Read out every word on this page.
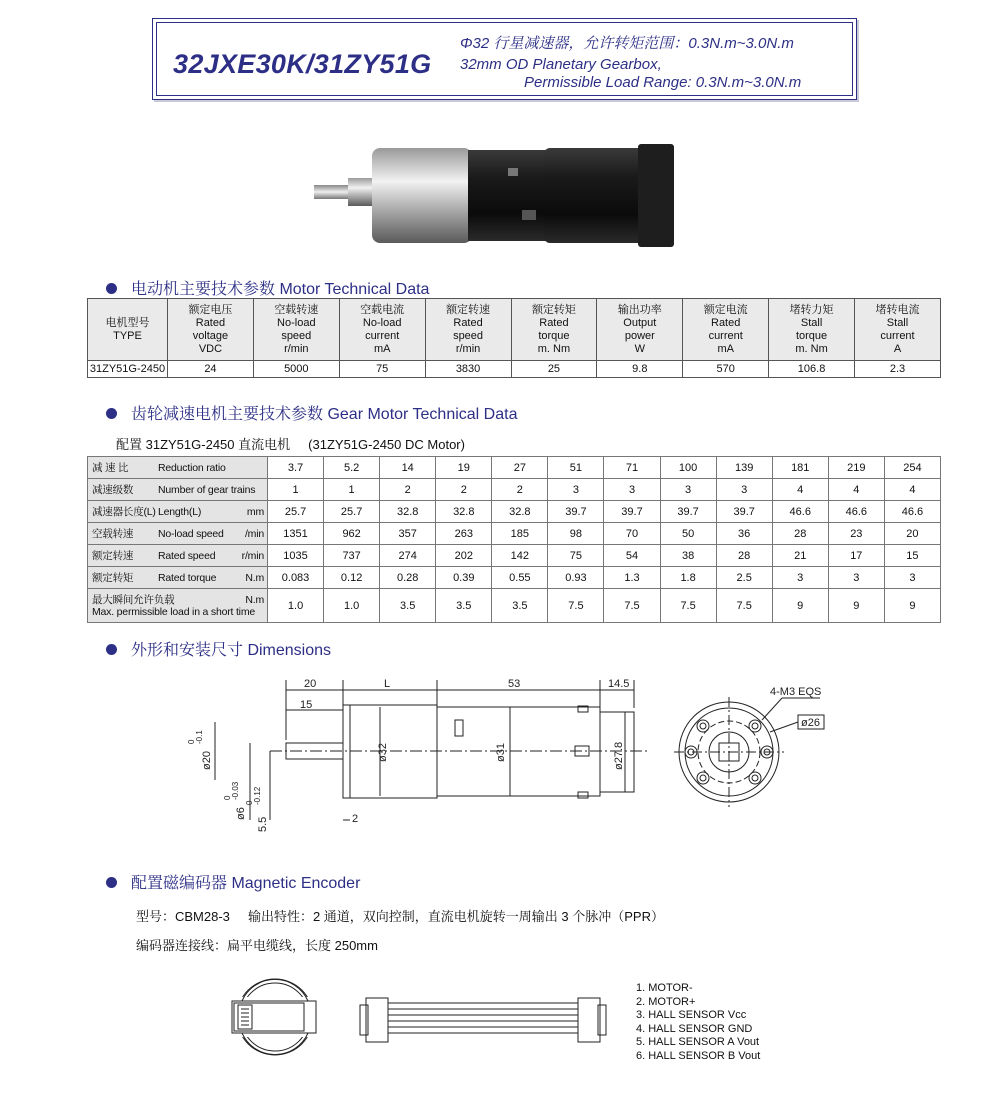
32JXE30K/31ZY51G
Φ32 行星减速器，允许转矩范围：0.3N.m~3.0N.m
32mm OD Planetary Gearbox,
Permissible Load Range: 0.3N.m~3.0N.m
电动机主要技术参数 Motor Technical Data
电机型号
TYPE	额定电压
Rated
voltage
VDC	空载转速
No-load
speed
r/min	空载电流
No-load
current
mA	额定转速
Rated
speed
r/min	额定转矩
Rated
torque
m. Nm	输出功率
Output
power
W	额定电流
Rated
current
mA	堵转力矩
Stall
torque
m. Nm	堵转电流
Stall
current
A
31ZY51G-2450	24	5000	75	3830	25	9.8	570	106.8	2.3
齿轮减速电机主要技术参数 Gear Motor Technical Data
配置 31ZY51G-2450 直流电机     (31ZY51G-2450 DC Motor)
减 速 比 Reduction ratio	3.7	5.2	14	19	27	51	71	100	139	181	219	254
减速级数 Number of gear trains	1	1	2	2	2	3	3	3	3	4	4	4
减速器长度(L) Length(L) mm	25.7	25.7	32.8	32.8	32.8	39.7	39.7	39.7	39.7	46.6	46.6	46.6
空载转速 No-load speed /min	1351	962	357	263	185	98	70	50	36	28	23	20
额定转速 Rated speed r/min	1035	737	274	202	142	75	54	38	28	21	17	15
额定转矩 Rated torque N.m	0.083	0.12	0.28	0.39	0.55	0.93	1.3	1.8	2.5	3	3	3

最大瞬间允许负载 N.m
Max. permissible load in a short time	1.0	1.0	3.5	3.5	3.5	7.5	7.5	7.5	7.5	9	9	9
外形和安装尺寸 Dimensions
20	L	53	14.5
15
2
ø32	ø31	ø27.8
ø20
0 -0.1
ø6
0 -0.03
5.5
0 -0.12
4-M3 EQS
ø26
配置磁编码器 Magnetic Encoder
型号：CBM28-3     输出特性：2 通道，双向控制，直流电机旋转一周输出 3 个脉冲（PPR）
编码器连接线：扁平电缆线，长度 250mm
1. MOTOR-
2. MOTOR+
3. HALL SENSOR Vcc
4. HALL SENSOR GND
5. HALL SENSOR A Vout
6. HALL SENSOR B Vout
